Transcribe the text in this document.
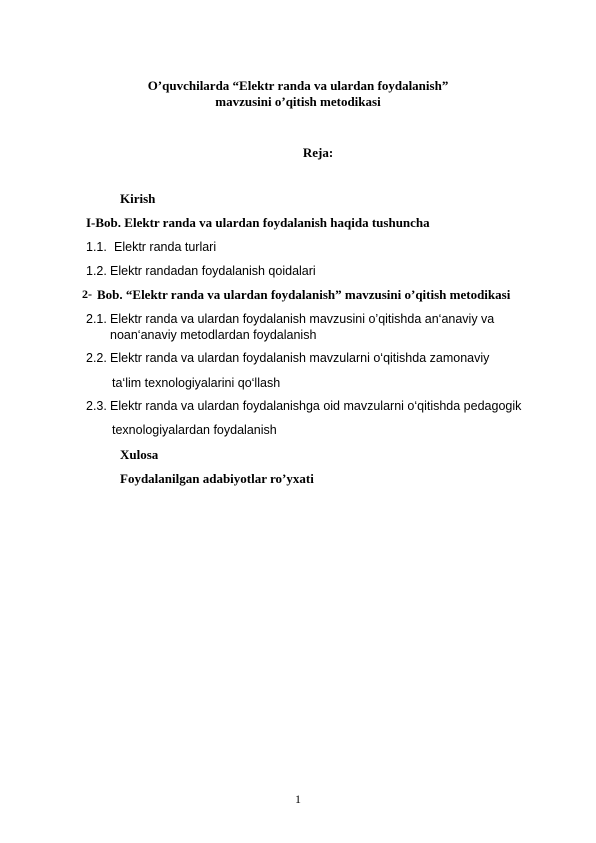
O’quvchilarda “Elektr randa va ulardan foydalanish”
mavzusini o’qitish metodikasi
Reja:
Kirish
I-Bob. Elektr randa va ulardan foydalanish haqida tushuncha
1.1. Elektr randa turlari
1.2. Elektr randadan foydalanish qoidalari
2- Bob. “Elektr randa va ulardan foydalanish” mavzusini o’qitish metodikasi
2.1. Elektr randa va ulardan foydalanish mavzusini o’qitishda an‘anaviy va
noan‘anaviy metodlardan foydalanish
2.2. Elektr randa va ulardan foydalanish mavzularni o‘qitishda zamonaviy
ta‘lim texnologiyalarini qo‘llash
2.3. Elektr randa va ulardan foydalanishga oid mavzularni o‘qitishda pedagogik
texnologiyalardan foydalanish
Xulosa
Foydalanilgan adabiyotlar ro’yxati
1
